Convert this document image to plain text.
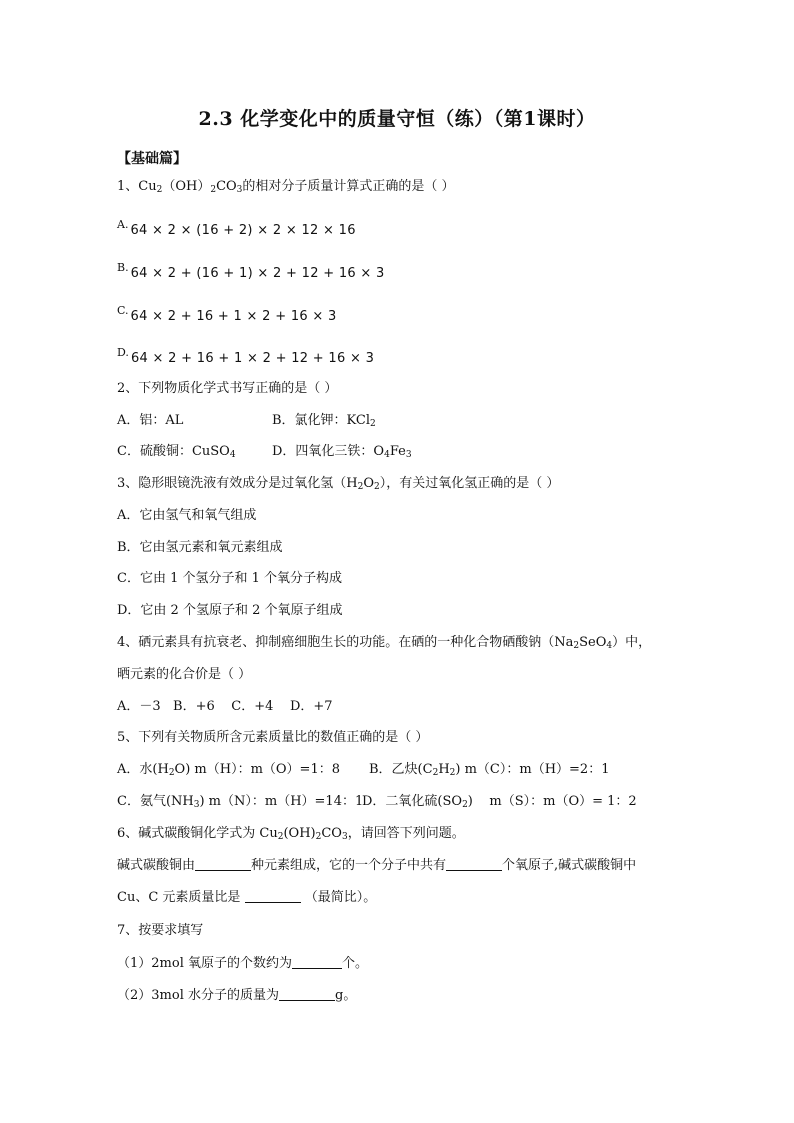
2.3 化学变化中的质量守恒（练）（第1课时）
【基础篇】
1、$Cu_2(OH)_2CO_3$的相对分子质量计算式正确的是（ ）
$^{A.}$ 64 × 2 × (16 + 2) × 2 × 12 × 16
$^{B.}$ 64 × 2 + (16 + 1) × 2 + 12 + 16 × 3
$^{C.}$ 64 × 2 + 16 + 1 × 2 + 16 × 3
$^{D.}$ 64 × 2 + 16 + 1 × 2 + 12 + 16 × 3
2、下列物质化学式书写正确的是（ ）
A．铝：AL	B．氯化钾：KCl$_2$
C．硫酸铜：CuSO$_4$	D．四氧化三铁：$O_4Fe_3$
3、隐形眼镜洗液有效成分是过氧化氢$(H_2O_2)$，有关过氧化氢正确的是（ ）
A．它由氢气和氧气组成
B．它由氢元素和氧元素组成
C．它由 1 个氢分子和 1 个氧分子构成
D．它由 2 个氢原子和 2 个氧原子组成
4、硒元素具有抗衰老、抑制癌细胞生长的功能。在硒的一种化合物硒酸钠$(Na_2SeO_4)$中，
晒元素的化合价是（ ）
A．－3   B．+6    C．+4    D．+7
5、下列有关物质所含元素质量比的数值正确的是（ ）
A．水$(H_2O)$ m（H）：m（O）=1：8 B．乙炔$(C_2H_2)$ m（C）：m（H）=2：1
C．氨气$(NH_3)$ m（N）：m（H）=14：1
D．二氧化硫$(SO_2)$    m（S）：m（O）= 1：2
6、碱式碳酸铜化学式为 $Cu_2(OH)_2CO_3$，请回答下列问题。
碱式碳酸铜由	种元素组成，它的一个分子中共有	个氧原子,碱式碳酸铜中
Cu、C 元素质量比是	（最简比）。
7、按要求填写
（1）2mol 氧原子的个数约为	个。
（2）3mol 水分子的质量为	g。
